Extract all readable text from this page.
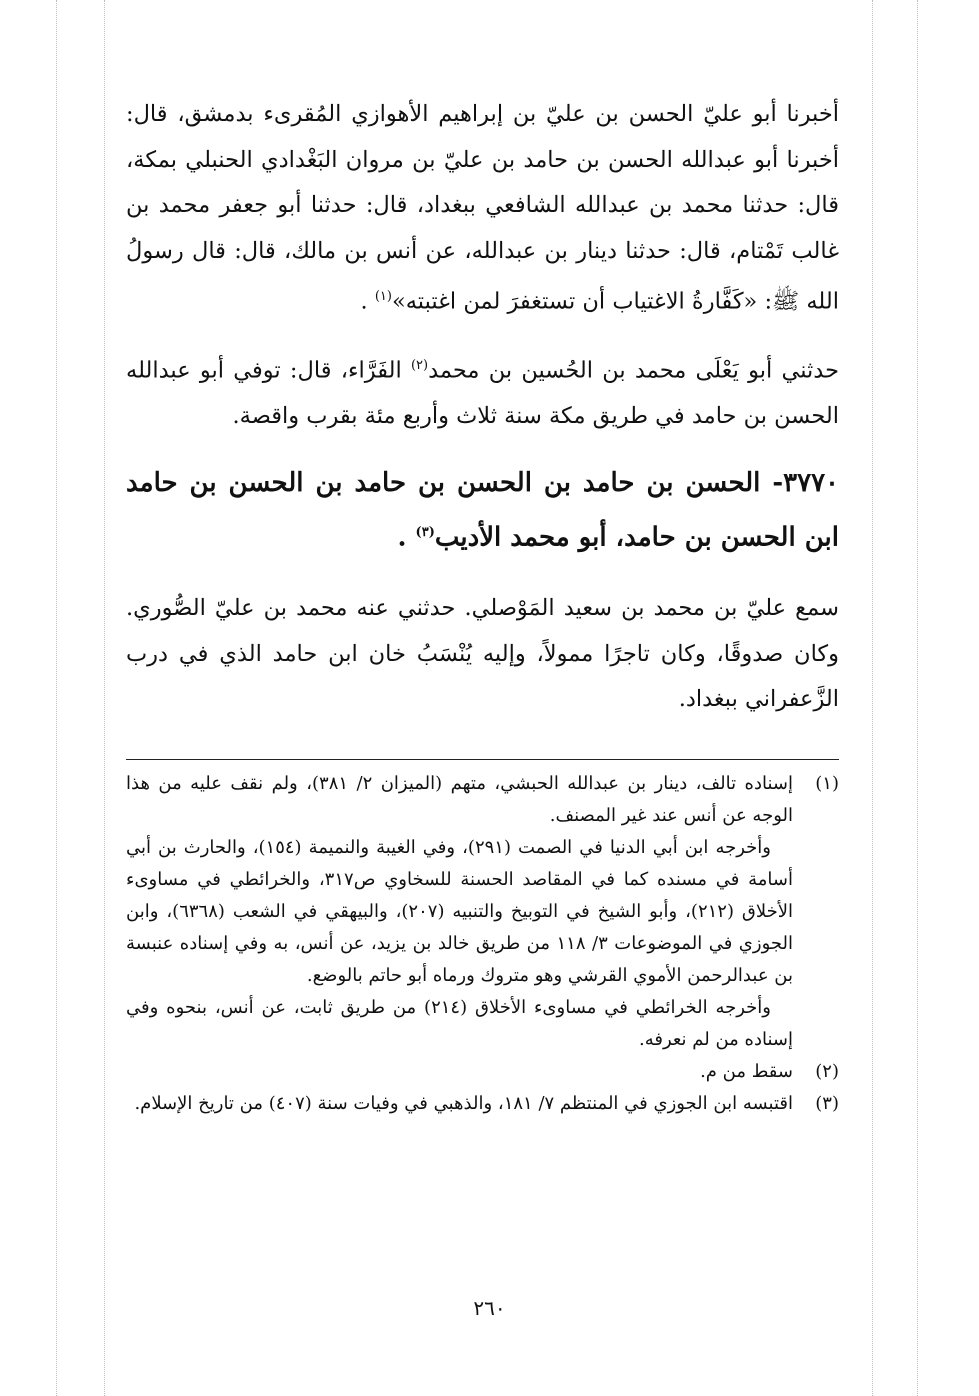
أخبرنا أبو عليّ الحسن بن عليّ بن إبراهيم الأهوازي المُقرىء بدمشق، قال: أخبرنا أبو عبدالله الحسن بن حامد بن عليّ بن مروان البَغْدادي الحنبلي بمكة، قال: حدثنا محمد بن عبدالله الشافعي ببغداد، قال: حدثنا أبو جعفر محمد بن غالب تَمْتام، قال: حدثنا دينار بن عبدالله، عن أنس بن مالك، قال: قال رسولُ الله ﷺ: «كَفَّارةُ الاغتياب أن تستغفرَ لمن اغتبته»$^{(١)}$ .

حدثني أبو يَعْلَى محمد بن الحُسين بن محمد$^{(٢)}$ الفَرَّاء، قال: توفي أبو عبدالله الحسن بن حامد في طريق مكة سنة ثلاث وأربع مئة بقرب واقصة.

٣٧٧٠- الحسن بن حامد بن الحسن بن حامد بن الحسن بن حامد ابن الحسن بن حامد، أبو محمد الأديب$^{(٣)}$ .

سمع عليّ بن محمد بن سعيد المَوْصلي. حدثني عنه محمد بن عليّ الصُّوري. وكان صدوقًا، وكان تاجرًا ممولاً، وإليه يُنْسَبُ خان ابن حامد الذي في درب الزَّعفراني ببغداد.

(١)
إسناده تالف، دينار بن عبدالله الحبشي، متهم (الميزان ٢/ ٣٨١)، ولم نقف عليه من هذا الوجه عن أنس عند غير المصنف.

وأخرجه ابن أبي الدنيا في الصمت (٢٩١)، وفي الغيبة والنميمة (١٥٤)، والحارث بن أبي أسامة في مسنده كما في المقاصد الحسنة للسخاوي ص٣١٧، والخرائطي في مساوىء الأخلاق (٢١٢)، وأبو الشيخ في التوبيخ والتنبيه (٢٠٧)، والبيهقي في الشعب (٦٣٦٨)، وابن الجوزي في الموضوعات ٣/ ١١٨ من طريق خالد بن يزيد، عن أنس، به وفي إسناده عنبسة بن عبدالرحمن الأموي القرشي وهو متروك ورماه أبو حاتم بالوضع.

وأخرجه الخرائطي في مساوىء الأخلاق (٢١٤) من طريق ثابت، عن أنس، بنحوه وفي إسناده من لم نعرفه.

(٢)
سقط من م.
(٣)
اقتبسه ابن الجوزي في المنتظم ٧/ ١٨١، والذهبي في وفيات سنة (٤٠٧) من تاريخ الإسلام.
٢٦٠
